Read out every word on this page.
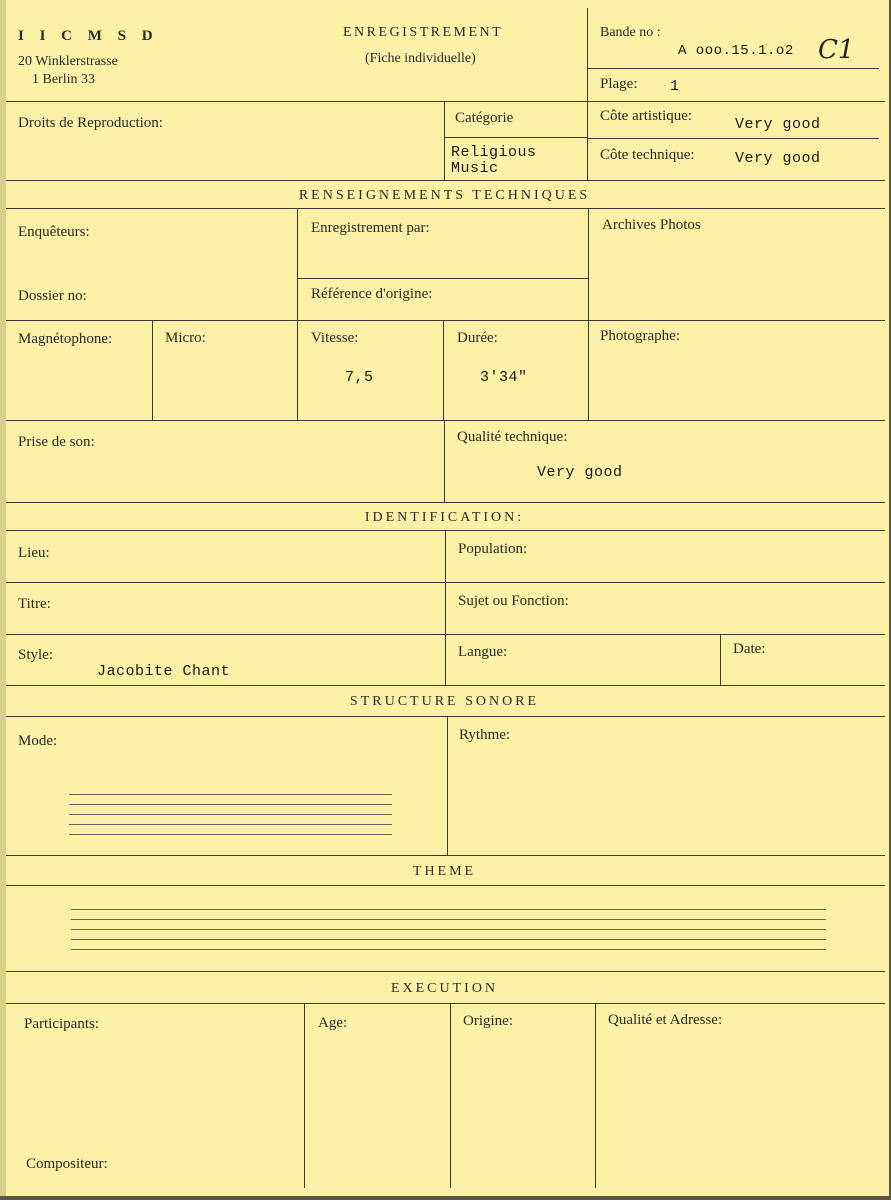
I I C M S D
20 Winklerstrasse
1 Berlin 33
ENREGISTREMENT
(Fiche individuelle)
Bande no :
A ooo.15.1.o2 C1
Plage: 1
Droits de Reproduction:	Catégorie
Religious
Music
Côte artistique:	Very good
Côte technique:	Very good
RENSEIGNEMENTS TECHNIQUES
Enquêteurs:	Enregistrement par:	Archives Photos
Dossier no:	Référence d'origine:
Magnétophone:	Micro:	Vitesse:
7,5
Durée:
3'34"
Photographe:
Prise de son:	Qualité technique:
Very good
IDENTIFICATION:
Lieu:	Population:
Titre:	Sujet ou Fonction:
Style:
Jacobite Chant
Langue:	Date:
STRUCTURE SONORE
Mode:	Rythme:
THEME
EXECUTION
Participants:	Age:	Origine:	Qualité et Adresse:
Compositeur:
